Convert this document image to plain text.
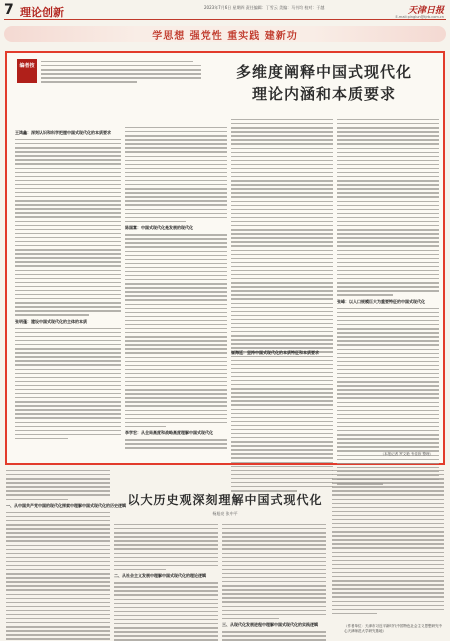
7 理论创新	2023年7月6日 星期四 责任编辑：丁雪云 美编：马书均 校对：于越	天津日报
E-mail:pinglun@tjrb.com.cn
学思想 强党性 重实践 建新功
编者按	多维度阐释中国式现代化
理论内涵和本质要求
王鸿鑫：深刻认识和科学把握中国式现代化的本质要求
张明蓬：建设中国式现代化的主体的本质
陈国富：中国式现代化是发展的现代化
李学宏：从全局高度和战略高度理解中国式现代化
张峰：以人口规模巨大为重要特征的中国式现代化
崔海廷：坚持中国式现代化的本质特征和本质要求
（本报记者 罗文艳 韦佳欣 整理）
以大历史观深刻理解中国式现代化
杨旭亮 张中平
一、从中国共产党中国的现代化探索中理解中国式现代化的历史逻辑
二、从社会主义发展中理解中国式现代化的理论逻辑
三、从现代化发展进程中理解中国式现代化的实践逻辑	（作者单位：天津市习近平新时代中国特色社会主义思想研究中心天津师范大学研究基地）
